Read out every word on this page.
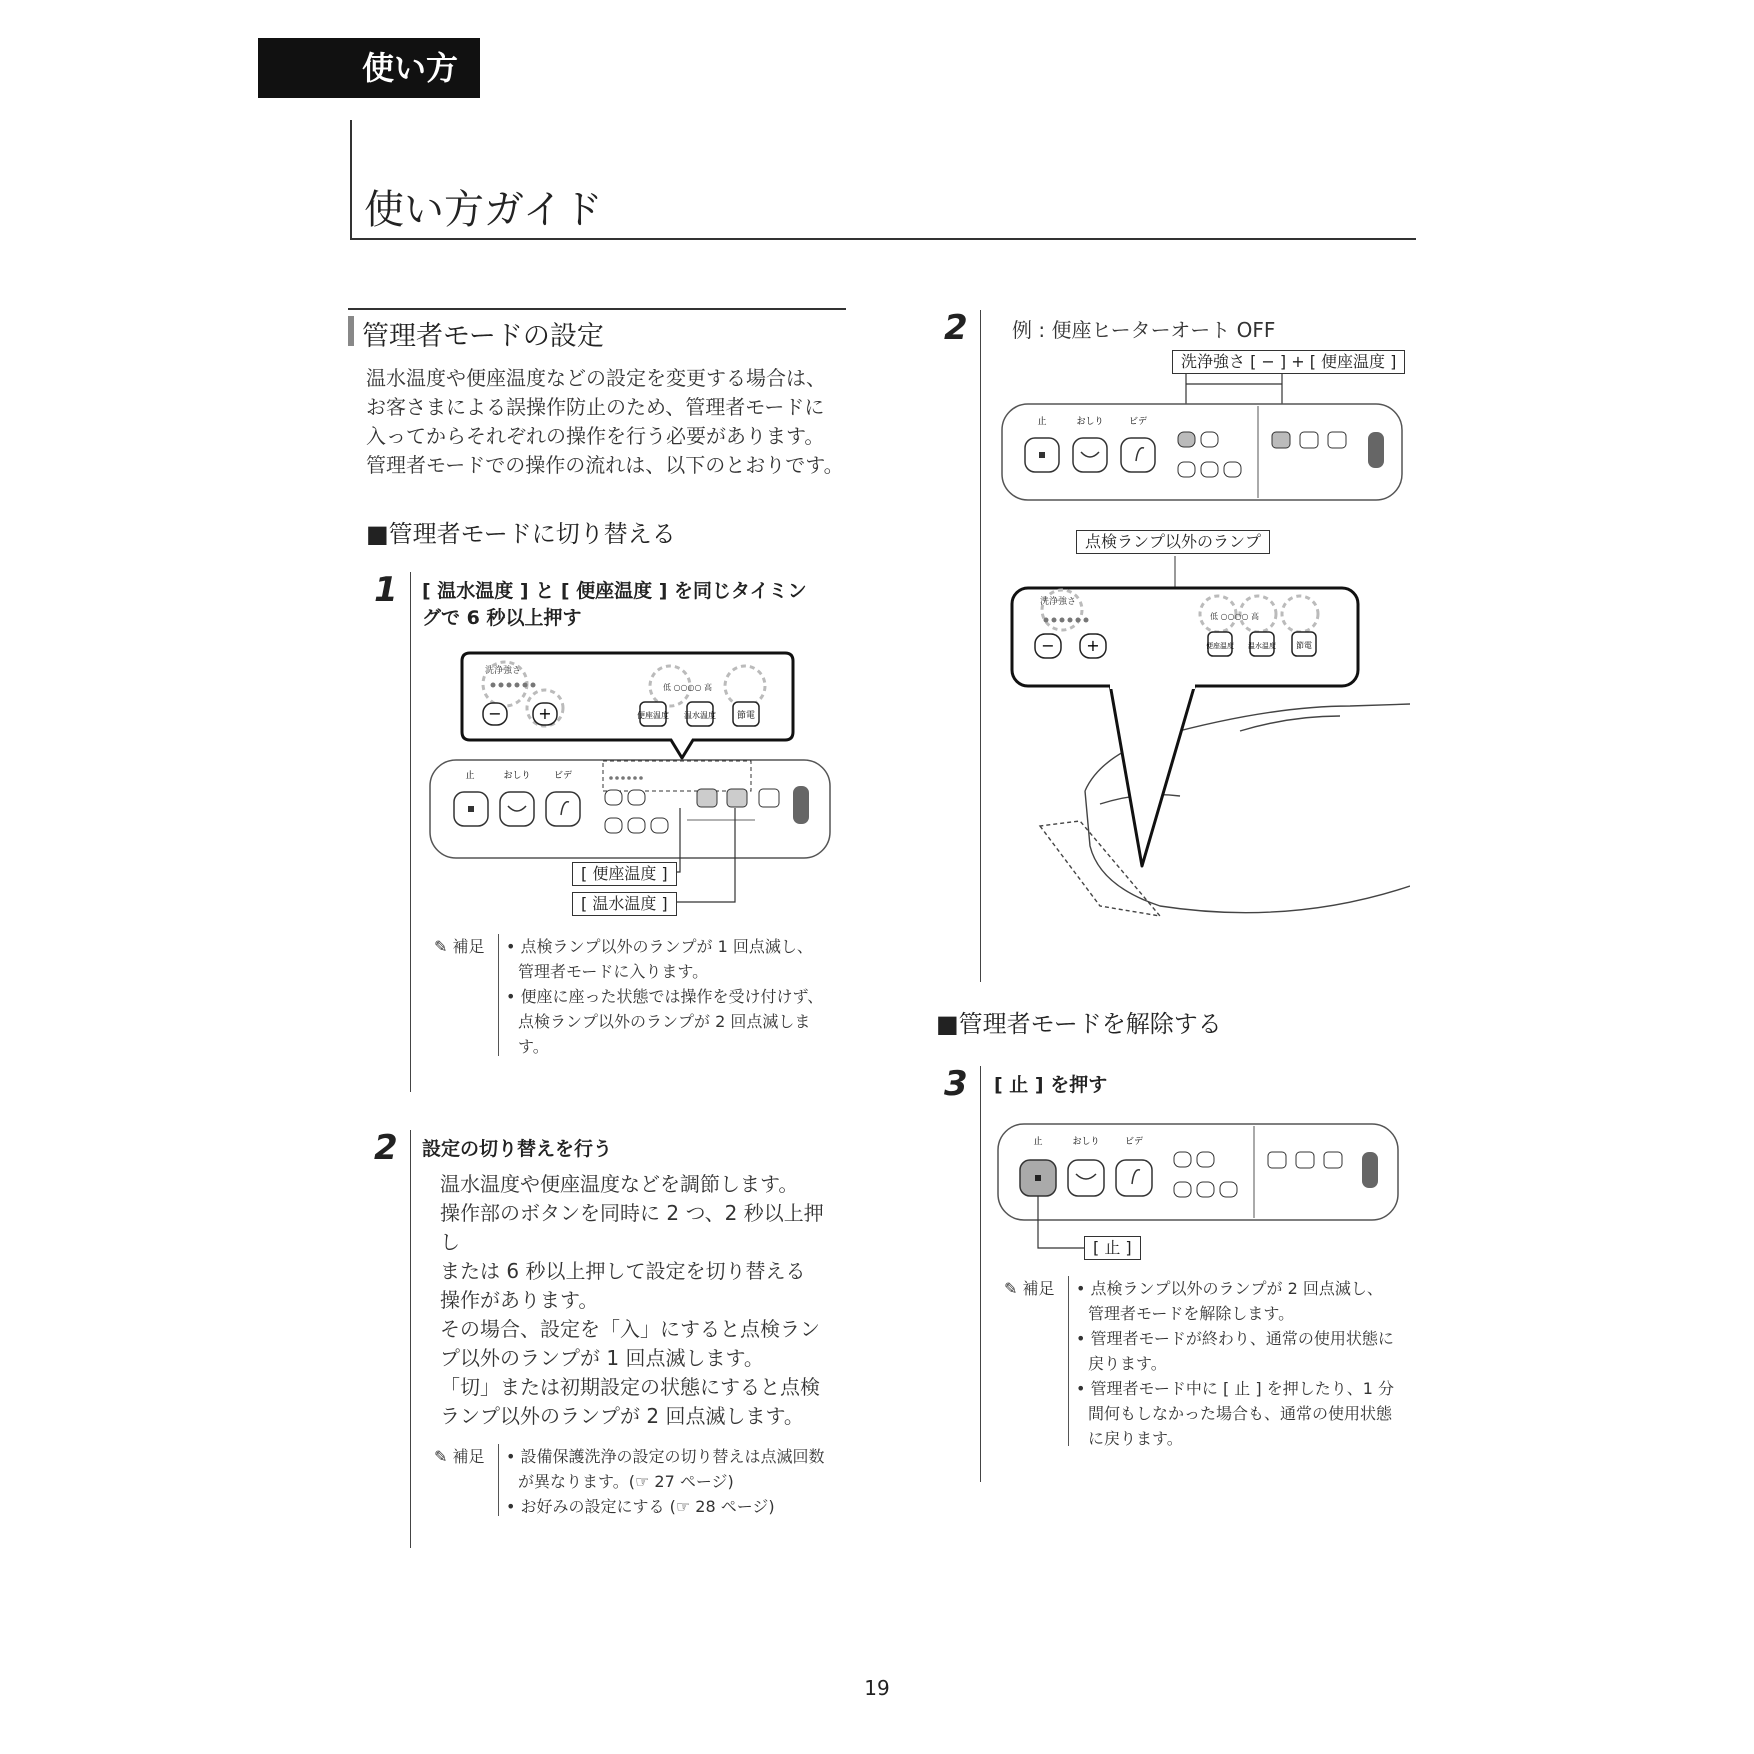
使い方
使い方ガイド
管理者モードの設定
温水温度や便座温度などの設定を変更する場合は、
お客さまによる誤操作防止のため、管理者モードに
入ってからそれぞれの操作を行う必要があります。
管理者モードでの操作の流れは、以下のとおりです。
■管理者モードに切り替える
1 [ 温水温度 ] と [ 便座温度 ] を同じタイミン
グで 6 秒以上押す
洗浄強さ
− +
低 ○○○○ 高
便座温度 温水温度 節電
止	おしり	ビデ
[ 便座温度 ]
[ 温水温度 ]
✎ 補足 • 点検ランプ以外のランプが 1 回点滅し、管理者モードに入ります。
• 便座に座った状態では操作を受け付けず、点検ランプ以外のランプが 2 回点滅します。
2 設定の切り替えを行う
温水温度や便座温度などを調節します。
操作部のボタンを同時に 2 つ、2 秒以上押し
または 6 秒以上押して設定を切り替える
操作があります。
その場合、設定を「入」にすると点検ラン
プ以外のランプが 1 回点滅します。
「切」または初期設定の状態にすると点検
ランプ以外のランプが 2 回点滅します。
✎ 補足 • 設備保護洗浄の設定の切り替えは点滅回数が異なります。(☞ 27 ページ)
• お好みの設定にする (☞ 28 ページ)
2 例 : 便座ヒーターオート OFF
洗浄強さ [ − ] + [ 便座温度 ]
止	おしり	ビデ
点検ランプ以外のランプ
洗浄強さ
− +
低 ○○○○ 高
便座温度 温水温度	節電
■管理者モードを解除する
3 [ 止 ] を押す
止	おしり	ビデ
[ 止 ]
✎ 補足 • 点検ランプ以外のランプが 2 回点滅し、管理者モードを解除します。
• 管理者モードが終わり、通常の使用状態に戻ります。
• 管理者モード中に [ 止 ] を押したり、1 分間何もしなかった場合も、通常の使用状態に戻ります。
19
